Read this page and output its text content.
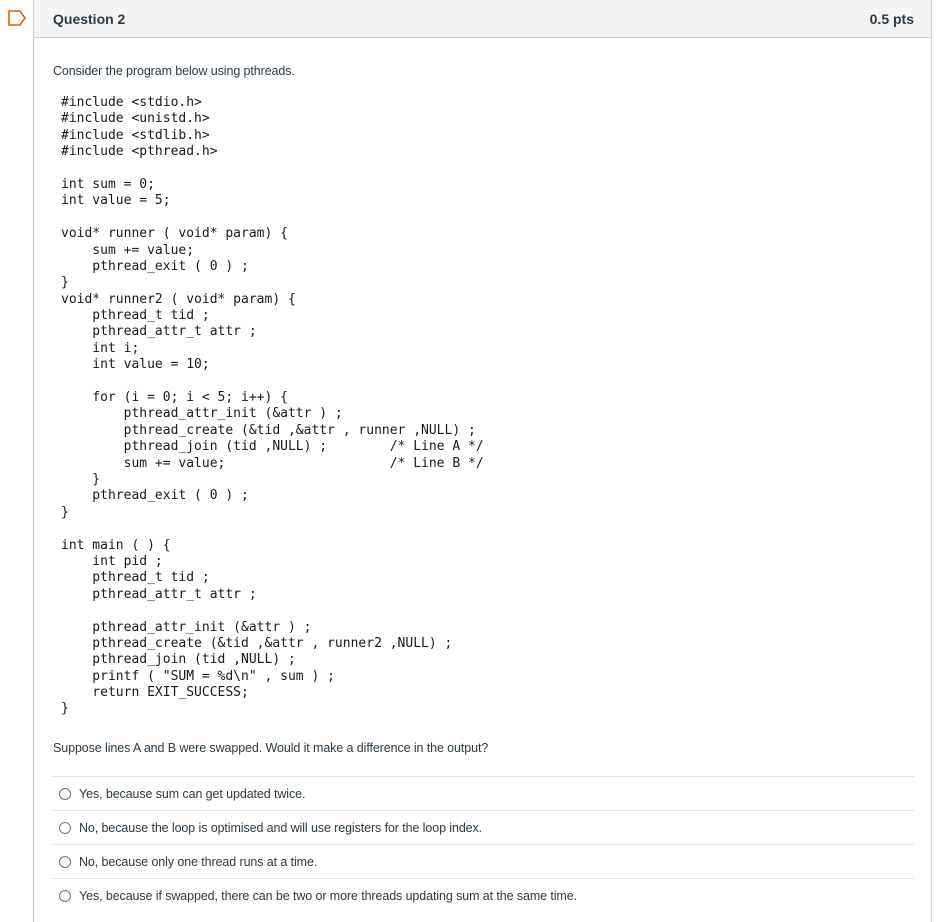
Question 2	0.5 pts
Consider the program below using pthreads.
#include <stdio.h>
#include <unistd.h>
#include <stdlib.h>
#include <pthread.h>
int sum = 0;
int value = 5;
void* runner ( void* param) {
sum += value;
pthread_exit ( 0 ) ;
}
void* runner2 ( void* param) {
pthread_t tid ;
pthread_attr_t attr ;
int i;
int value = 10;
for (i = 0; i < 5; i++) {
pthread_attr_init (&attr ) ;
pthread_create (&tid ,&attr , runner ,NULL) ;
pthread_join (tid ,NULL) ;        /* Line A */
sum += value;                     /* Line B */
}
pthread_exit ( 0 ) ;
}
int main ( ) {
int pid ;
pthread_t tid ;
pthread_attr_t attr ;
pthread_attr_init (&attr ) ;
pthread_create (&tid ,&attr , runner2 ,NULL) ;
pthread_join (tid ,NULL) ;
printf ( "SUM = %d\n" , sum ) ;
return EXIT_SUCCESS;
}
Suppose lines A and B were swapped. Would it make a difference in the output?
Yes, because sum can get updated twice.
No, because the loop is optimised and will use registers for the loop index.
No, because only one thread runs at a time.
Yes, because if swapped, there can be two or more threads updating sum at the same time.
